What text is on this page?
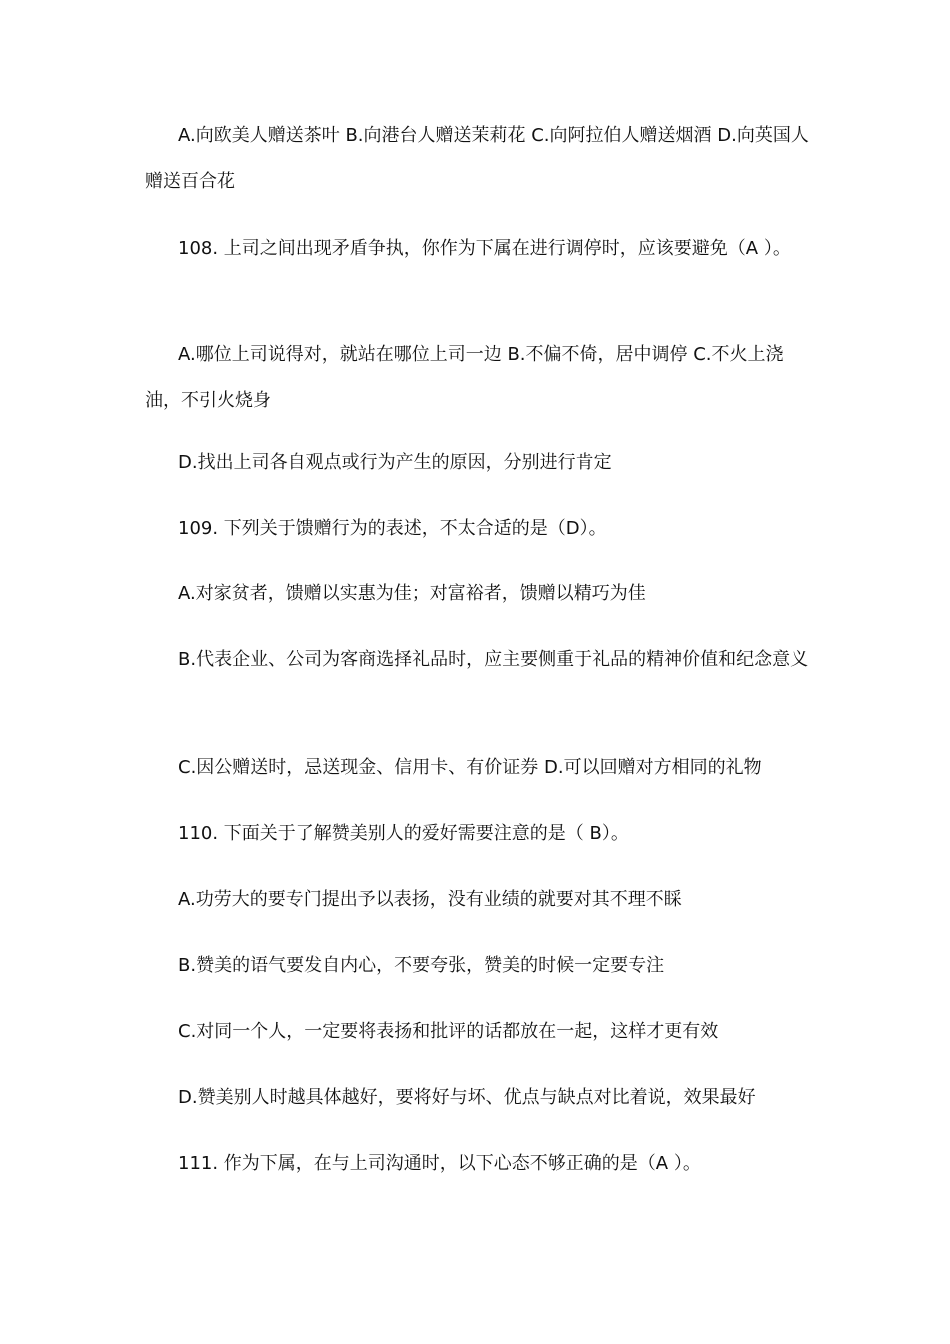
A.向欧美人赠送茶叶 B.向港台人赠送茉莉花 C.向阿拉伯人赠送烟酒 D.向英国人赠送百合花

108. 上司之间出现矛盾争执，你作为下属在进行调停时，应该要避免（A ）。

A.哪位上司说得对，就站在哪位上司一边 B.不偏不倚，居中调停 C.不火上浇油，不引火烧身

D.找出上司各自观点或行为产生的原因，分别进行肯定

109. 下列关于馈赠行为的表述，不太合适的是（D）。

A.对家贫者，馈赠以实惠为佳；对富裕者，馈赠以精巧为佳

B.代表企业、公司为客商选择礼品时，应主要侧重于礼品的精神价值和纪念意义

C.因公赠送时，忌送现金、信用卡、有价证券 D.可以回赠对方相同的礼物

110. 下面关于了解赞美别人的爱好需要注意的是（ B）。

A.功劳大的要专门提出予以表扬，没有业绩的就要对其不理不睬

B.赞美的语气要发自内心，不要夸张，赞美的时候一定要专注

C.对同一个人，一定要将表扬和批评的话都放在一起，这样才更有效

D.赞美别人时越具体越好，要将好与坏、优点与缺点对比着说，效果最好

111. 作为下属，在与上司沟通时，以下心态不够正确的是（A ）。
